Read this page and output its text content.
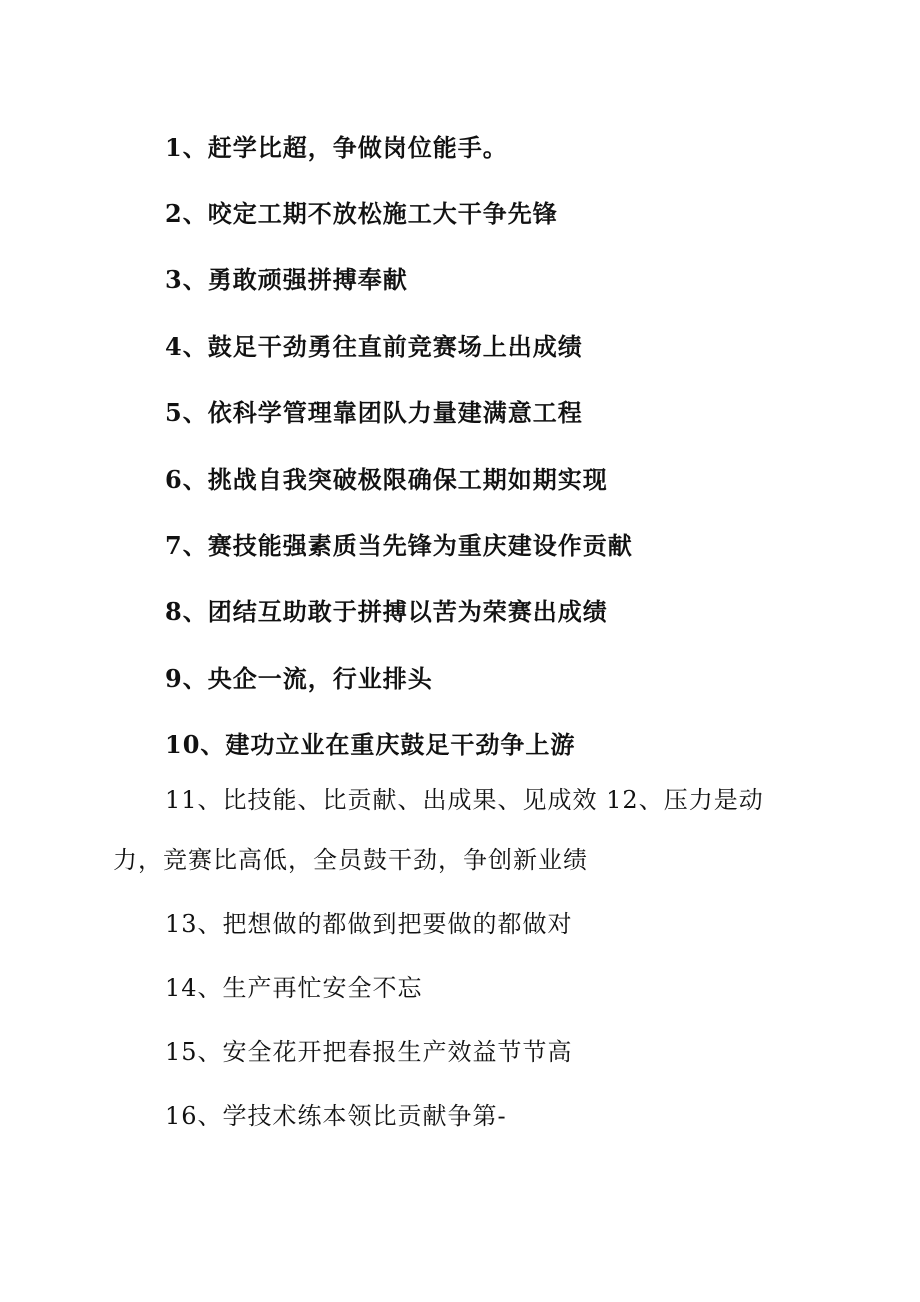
1、赶学比超，争做岗位能手。
2、咬定工期不放松施工大干争先锋
3、勇敢顽强拼搏奉献
4、鼓足干劲勇往直前竞赛场上出成绩
5、依科学管理靠团队力量建满意工程
6、挑战自我突破极限确保工期如期实现
7、赛技能强素质当先锋为重庆建设作贡献
8、团结互助敢于拼搏以苦为荣赛出成绩
9、央企一流，行业排头
10、建功立业在重庆鼓足干劲争上游
11、比技能、比贡献、出成果、见成效 12、压力是动力，竞赛比高低，全员鼓干劲，争创新业绩
13、把想做的都做到把要做的都做对
14、生产再忙安全不忘
15、安全花开把春报生产效益节节高
16、学技术练本领比贡献争第-
